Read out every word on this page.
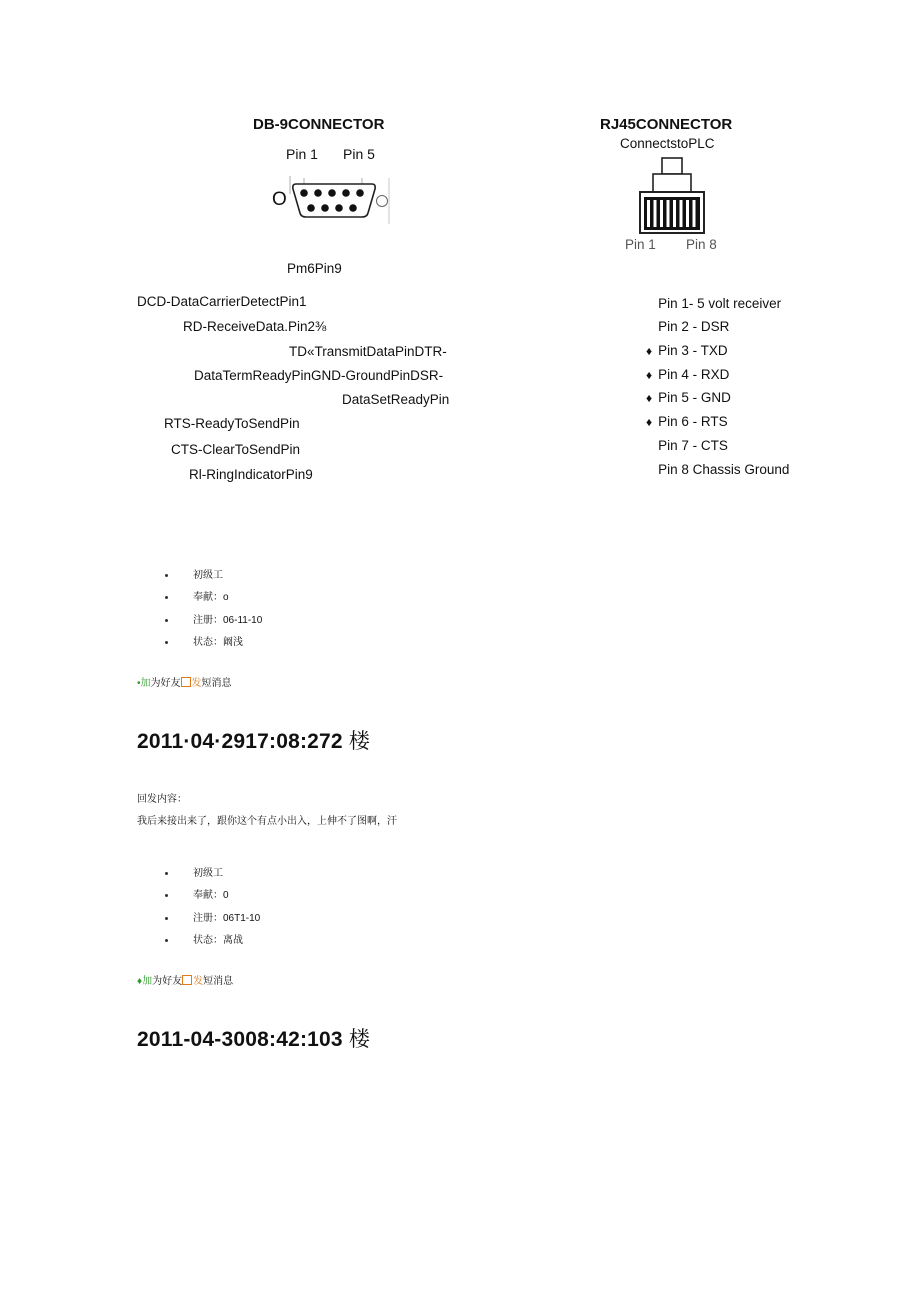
DB-9CONNECTOR
Pin 1 Pin 5
O
Pm6Pin9
DCD-DataCarrierDetectPin1
RD-ReceiveData.Pin2⅜
TD«TransmitDataPinDTR-
DataTermReadyPinGND-GroundPinDSR-
DataSetReadyPin
RTS-ReadyToSendPin
CTS-ClearToSendPin
Rl-RingIndicatorPin9
RJ45CONNECTOR
ConnectstoPLC
Pin 1 Pin 8
Pin 1- 5 volt receiver
Pin 2 - DSR
♦ Pin 3 - TXD
♦ Pin 4 - RXD
♦ Pin 5 - GND
♦ Pin 6 - RTS
Pin 7 - CTS
Pin 8 Chassis Ground
初级工
奉献：o
注册：06-11-10
状态：阚浅
•加为好友 发短消息
2011·04·2917:08:272 楼
回发内容：
我后来接出来了，跟你这个有点小出入，上伸不了图啊，汗
初级工
奉献：0
注册：06T1-10
状态：离战
♦加为好友 发短消息
2011-04-3008:42:103 楼
